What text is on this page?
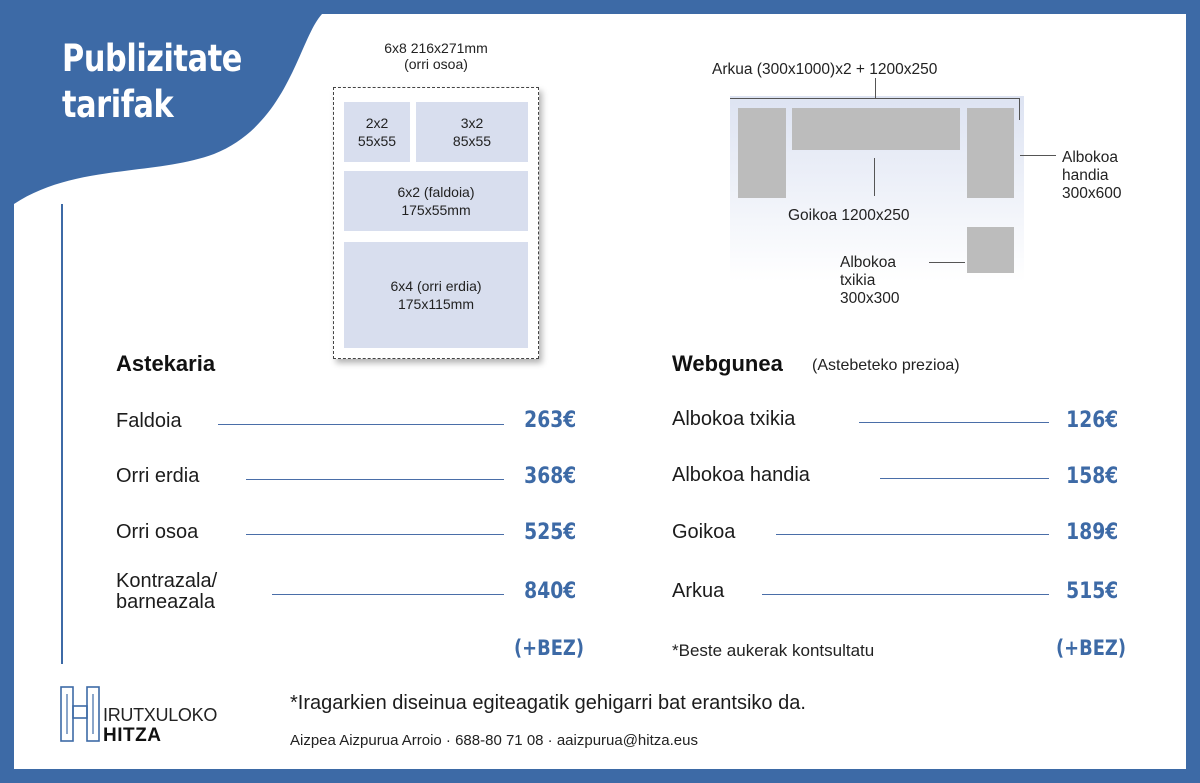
Publizitate
tarifak
6x8 216x271mm
(orri osoa)
2x2
55x55
3x2
85x55
6x2 (faldoia)
175x55mm
6x4 (orri erdia)
175x115mm
Arkua (300x1000)x2 + 1200x250
Goikoa 1200x250
Albokoa
handia
300x600
Albokoa
txikia
300x300
Astekaria
Faldoia	263€
Orri erdia	368€
Orri osoa	525€
Kontrazala/
barneazala	840€
(+BEZ)
Webgunea (Astebeteko prezioa)
Albokoa txikia	126€
Albokoa handia	158€
Goikoa	189€
Arkua	515€
*Beste aukerak kontsultatu	(+BEZ)
IRUTXULOKO
HITZA
*Iragarkien diseinua egiteagatik gehigarri bat erantsiko da.
Aizpea Aizpurua Arroio · 688-80 71 08 · aaizpurua@hitza.eus
